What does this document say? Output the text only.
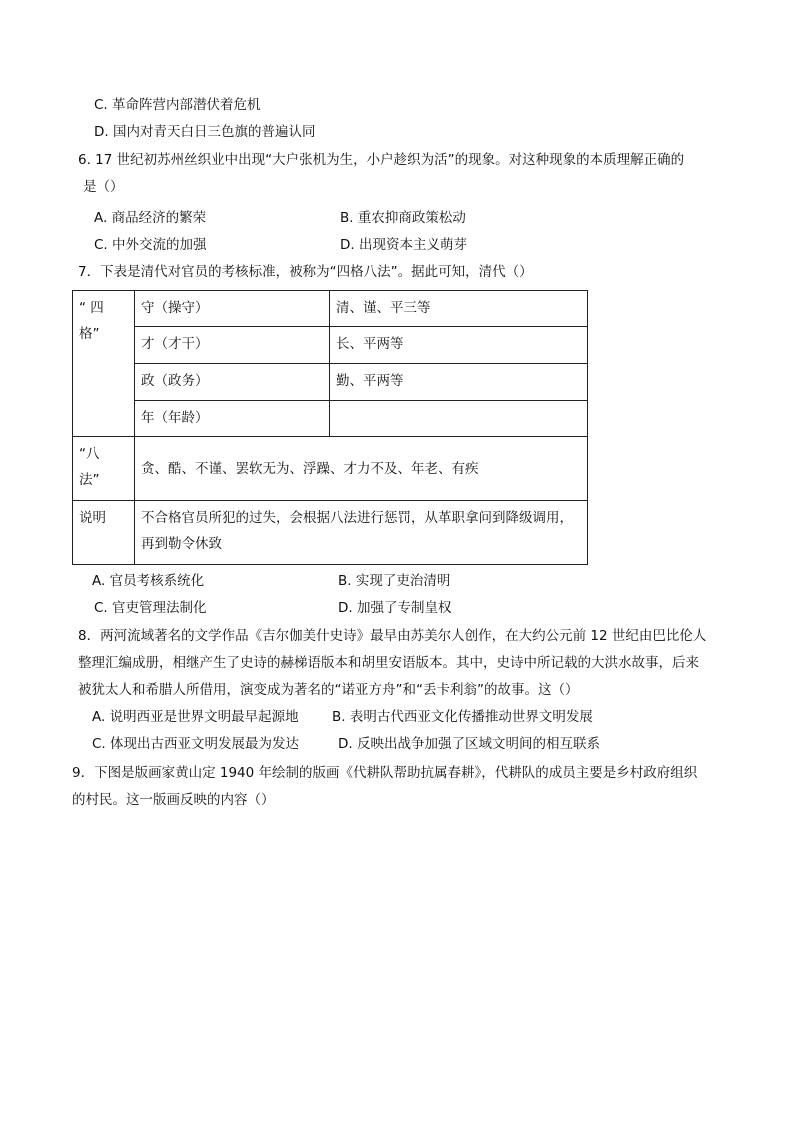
C. 革命阵营内部潜伏着危机
D. 国内对青天白日三色旗的普遍认同
6. 17 世纪初苏州丝织业中出现“大户张机为生，小户趁织为活”的现象。对这种现象的本质理解正确的
是（）
A. 商品经济的繁荣	B. 重农抑商政策松动
C. 中外交流的加强	D. 出现资本主义萌芽
7．下表是清代对官员的考核标准，被称为“四格八法”。据此可知，清代（）
“ 四
格”	守（操守）	清、谨、平三等
	才（才干）	长、平两等
	政（政务）	勤、平两等
	年（年龄）	

“八
法”	贪、酷、不谨、罢软无为、浮躁、才力不及、年老、有疾	
说明	不合格官员所犯的过失，会根据八法进行惩罚，从革职拿问到降级调用，
再到勒令休致	
A. 官员考核系统化	B. 实现了吏治清明
C. 官吏管理法制化	D. 加强了专制皇权
8．两河流域著名的文学作品《吉尔伽美什史诗》最早由苏美尔人创作，在大约公元前 12 世纪由巴比伦人
整理汇编成册，相继产生了史诗的赫梯语版本和胡里安语版本。其中，史诗中所记载的大洪水故事，后来
被犹太人和希腊人所借用，演变成为著名的“诺亚方舟”和“丢卡利翁”的故事。这（）
A. 说明西亚是世界文明最早起源地 B. 表明古代西亚文化传播推动世界文明发展
C. 体现出古西亚文明发展最为发达	D. 反映出战争加强了区域文明间的相互联系
9．下图是版画家黄山定 1940 年绘制的版画《代耕队帮助抗属春耕》，代耕队的成员主要是乡村政府组织
的村民。这一版画反映的内容（）
